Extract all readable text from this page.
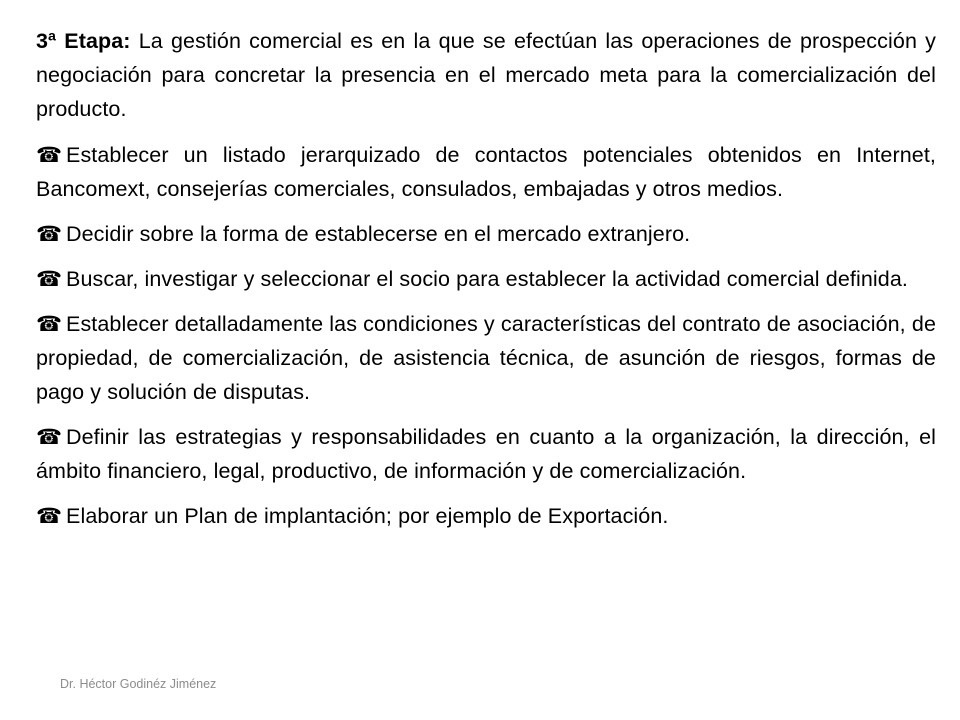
3ª Etapa: La gestión comercial es en la que se efectúan las operaciones de prospección y negociación para concretar la presencia en el mercado meta para la comercialización del producto.

☎ Establecer un listado jerarquizado de contactos potenciales obtenidos en Internet, Bancomext, consejerías comerciales, consulados, embajadas y otros medios.

☎ Decidir sobre la forma de establecerse en el mercado extranjero.

☎ Buscar, investigar y seleccionar el socio para establecer la actividad comercial definida.

☎ Establecer detalladamente las condiciones y características del contrato de asociación, de propiedad, de comercialización, de asistencia técnica, de asunción de riesgos, formas de pago y solución de disputas.

☎ Definir las estrategias y responsabilidades en cuanto a la organización, la dirección, el ámbito financiero, legal, productivo, de información y de comercialización.

☎ Elaborar un Plan de implantación; por ejemplo de Exportación.

Dr. Héctor Godinéz Jiménez
